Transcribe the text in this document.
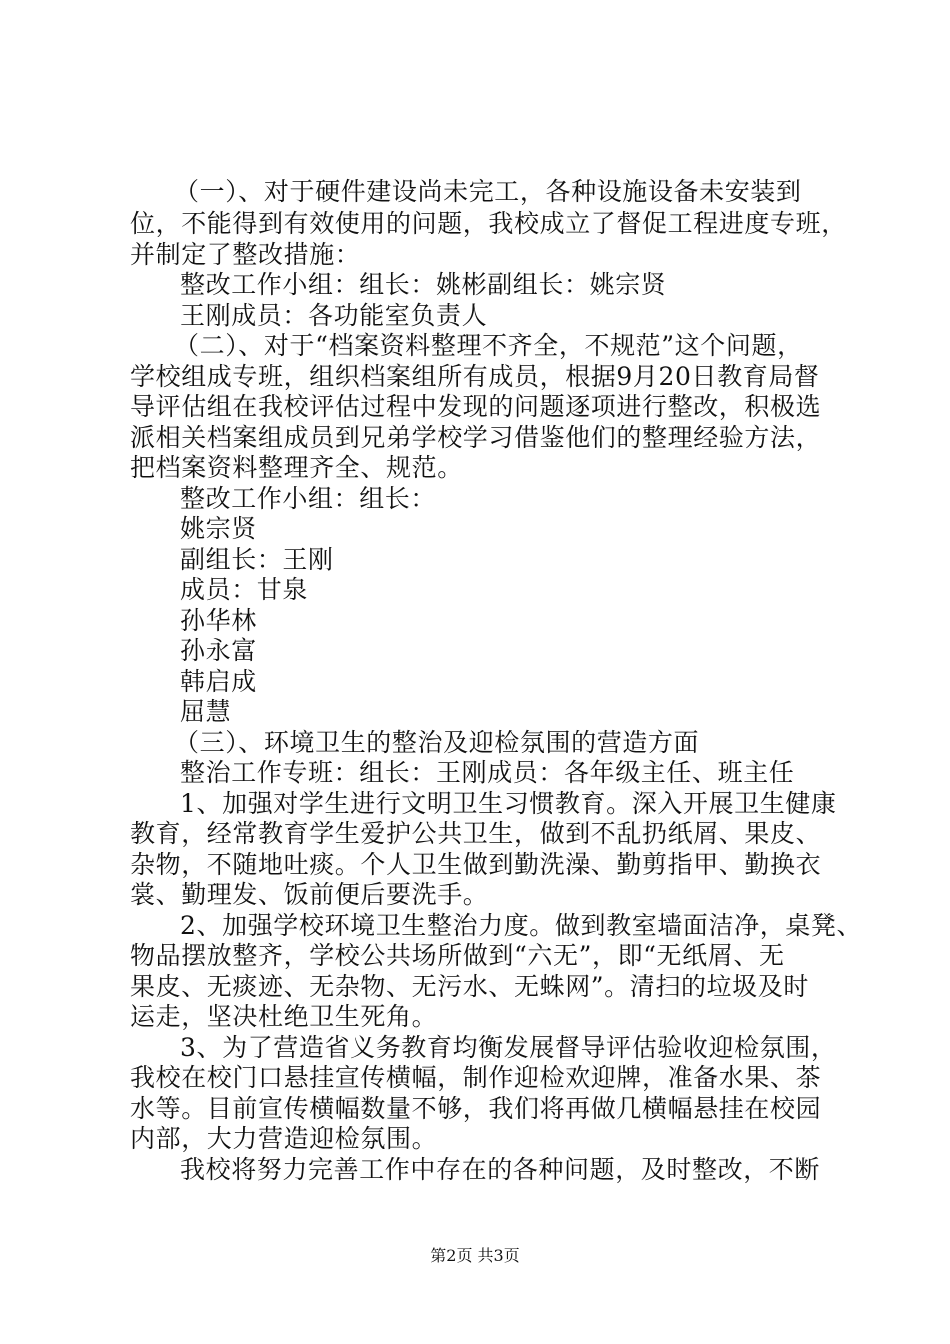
（一）、对于硬件建设尚未完工，各种设施设备未安装到
位，不能得到有效使用的问题，我校成立了督促工程进度专班，
并制定了整改措施：
整改工作小组：组长：姚彬副组长：姚宗贤
王刚成员：各功能室负责人
（二）、对于“档案资料整理不齐全，不规范”这个问题，
学校组成专班，组织档案组所有成员，根据9月20日教育局督
导评估组在我校评估过程中发现的问题逐项进行整改，积极选
派相关档案组成员到兄弟学校学习借鉴他们的整理经验方法，
把档案资料整理齐全、规范。
整改工作小组：组长：
姚宗贤
副组长：王刚
成员：甘泉
孙华林
孙永富
韩启成
屈慧
（三）、环境卫生的整治及迎检氛围的营造方面
整治工作专班：组长：王刚成员：各年级主任、班主任
1、加强对学生进行文明卫生习惯教育。深入开展卫生健康
教育，经常教育学生爱护公共卫生，做到不乱扔纸屑、果皮、
杂物，不随地吐痰。个人卫生做到勤洗澡、勤剪指甲、勤换衣
裳、勤理发、饭前便后要洗手。
2、加强学校环境卫生整治力度。做到教室墙面洁净，桌凳、
物品摆放整齐，学校公共场所做到“六无”，即“无纸屑、无
果皮、无痰迹、无杂物、无污水、无蛛网”。清扫的垃圾及时
运走，坚决杜绝卫生死角。
3、为了营造省义务教育均衡发展督导评估验收迎检氛围，
我校在校门口悬挂宣传横幅，制作迎检欢迎牌，准备水果、茶
水等。目前宣传横幅数量不够，我们将再做几横幅悬挂在校园
内部，大力营造迎检氛围。
我校将努力完善工作中存在的各种问题，及时整改，不断
第2页 共3页
